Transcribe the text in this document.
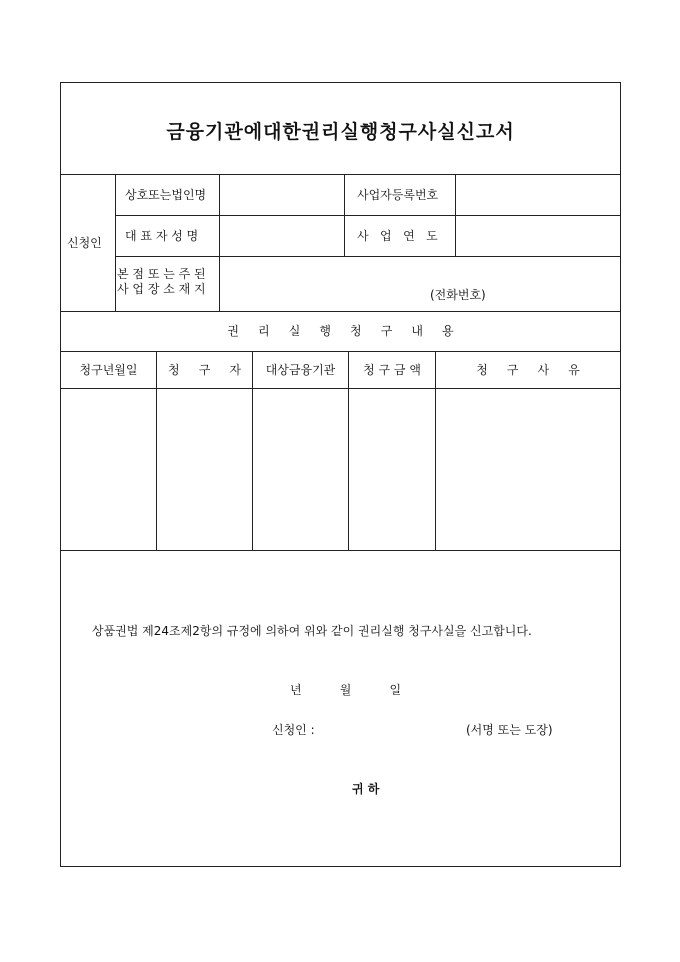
금융기관에대한권리실행청구사실신고서
신청인
상호또는법인명	사업자등록번호
대 표 자 성 명	사   업   연   도
본 점 또 는 주 된
사 업 장 소 재 지	(전화번호)
권     리     실     행     청     구     내     용
청구년월일	청     구     자	대상금융기관	청 구 금 액	청     구     사     유
상품권법 제24조제2항의 규정에 의하여 위와 같이 권리실행 청구사실을 신고합니다.
년          월          일
신청인 :	(서명 또는 도장)
귀 하
